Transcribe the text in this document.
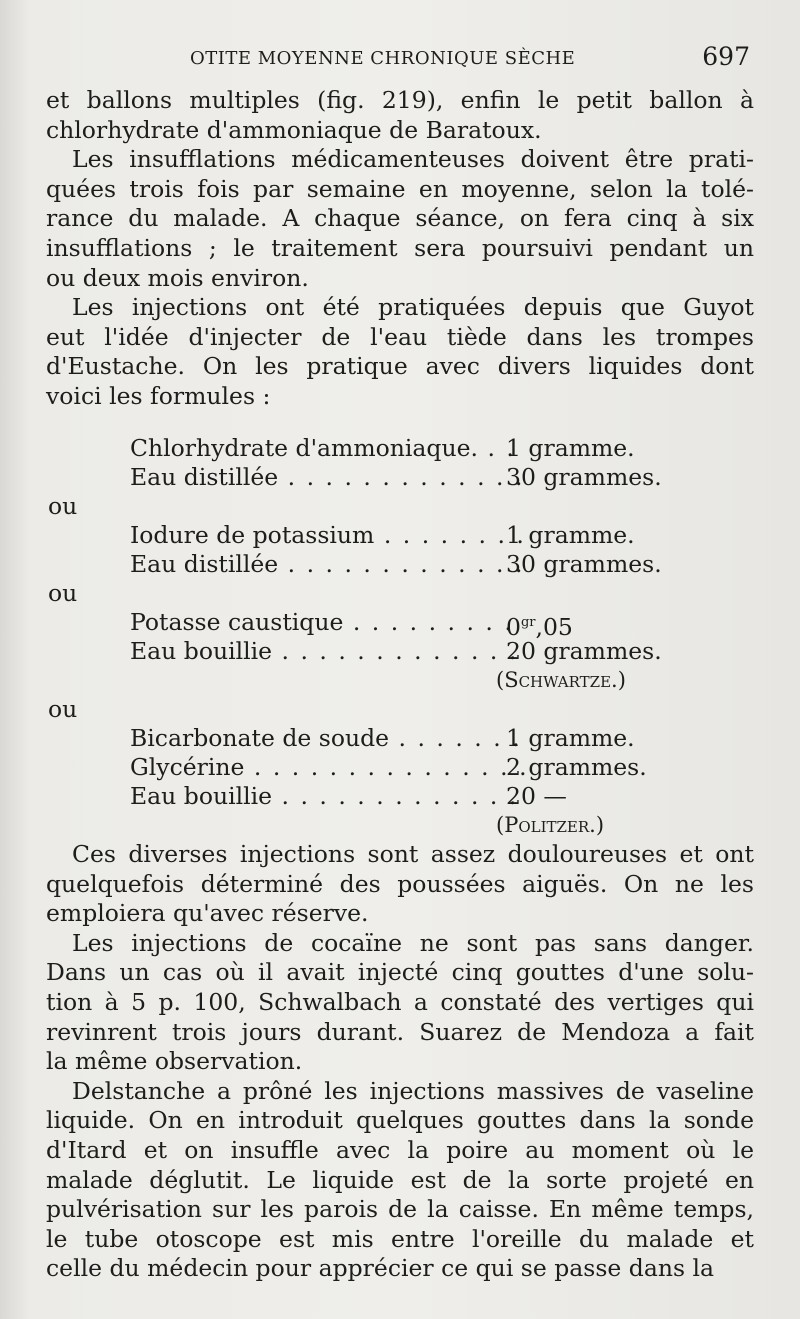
OTITE MOYENNE CHRONIQUE SÈCHE	697
et ballons multiples (fig. 219), enfin le petit ballon à
chlorhydrate d'ammoniaque de Baratoux.
Les insufflations médicamenteuses doivent être prati-
quées trois fois par semaine en moyenne, selon la tolé-
rance du malade. A chaque séance, on fera cinq à six
insufflations ; le traitement sera poursuivi pendant un
ou deux mois environ.
Les injections ont été pratiquées depuis que Guyot
eut l'idée d'injecter de l'eau tiède dans les trompes
d'Eustache. On les pratique avec divers liquides dont
voici les formules :
Chlorhydrate d'ammoniaque. . . .	1 gramme.
Eau distillée . . .	30 grammes.
ou
Iodure de potassium . . .	1 gramme.
Eau distillée . . .	30 grammes.
ou
Potasse caustique . . .	$0^{gr},05$
Eau bouillie . . .	20 grammes.
(Schwartze.)
ou
Bicarbonate de soude . . .	1 gramme.
Glycérine . . .	2 grammes.
Eau bouillie . . .	20 —
(Politzer.)
Ces diverses injections sont assez douloureuses et ont
quelquefois déterminé des poussées aiguës. On ne les
emploiera qu'avec réserve.
Les injections de cocaïne ne sont pas sans danger.
Dans un cas où il avait injecté cinq gouttes d'une solu-
tion à 5 p. 100, Schwalbach a constaté des vertiges qui
revinrent trois jours durant. Suarez de Mendoza a fait
la même observation.
Delstanche a prôné les injections massives de vaseline
liquide. On en introduit quelques gouttes dans la sonde
d'Itard et on insuffle avec la poire au moment où le
malade déglutit. Le liquide est de la sorte projeté en
pulvérisation sur les parois de la caisse. En même temps,
le tube otoscope est mis entre l'oreille du malade et
celle du médecin pour apprécier ce qui se passe dans la
